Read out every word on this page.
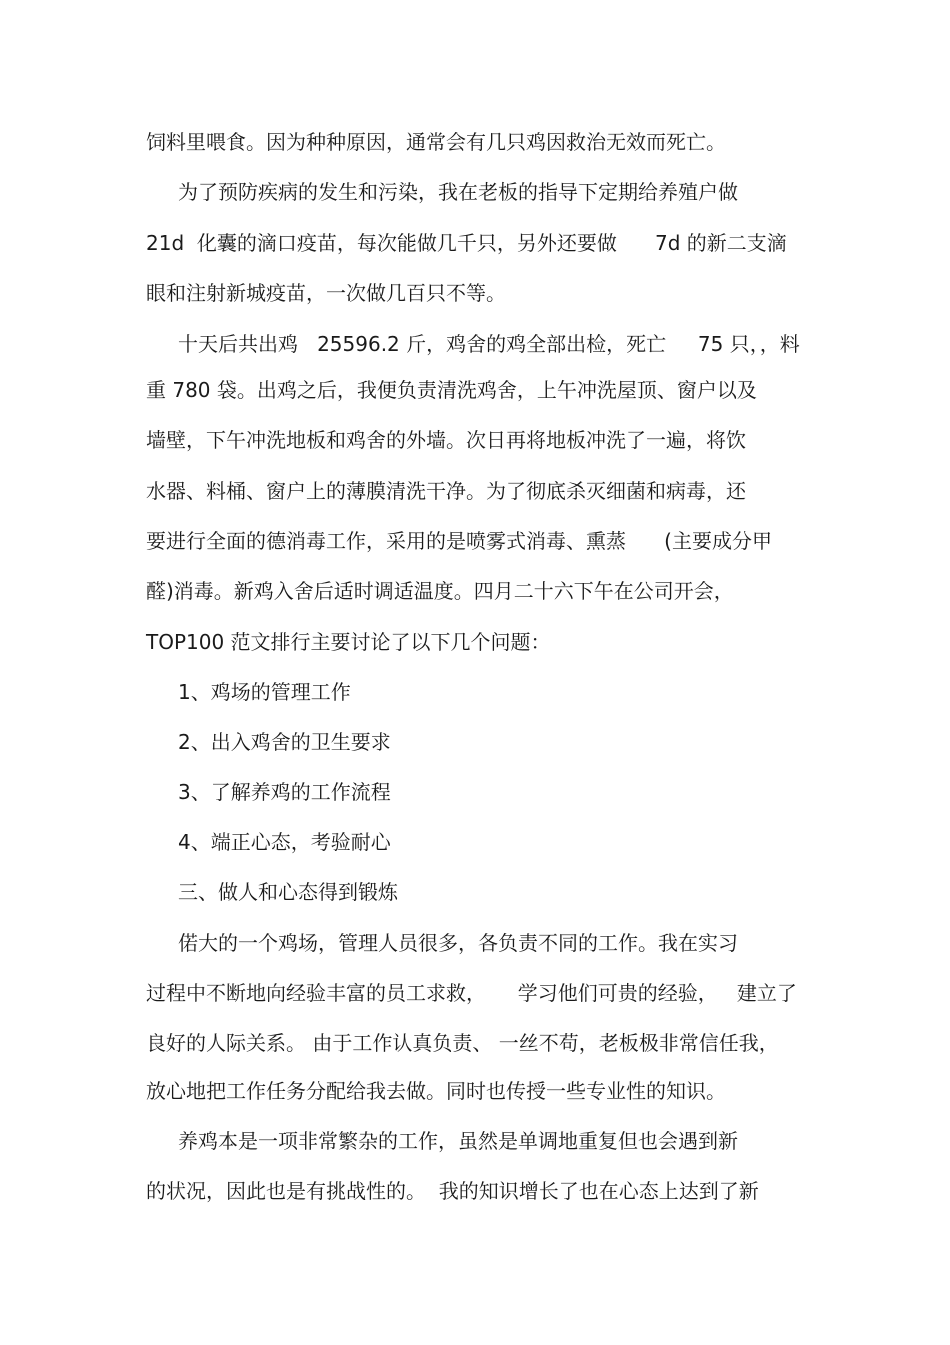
饲料里喂食。因为种种原因，通常会有几只鸡因救治无效而死亡。
为了预防疾病的发生和污染，我在老板的指导下定期给养殖户做
21d  化囊的滴口疫苗，每次能做几千只，另外还要做      7d 的新二支滴
眼和注射新城疫苗，一次做几百只不等。
十天后共出鸡   25596.2 斤，鸡舍的鸡全部出检，死亡     75 只，，料
重 780 袋。出鸡之后，我便负责清洗鸡舍，上午冲洗屋顶、窗户以及
墙壁，下午冲洗地板和鸡舍的外墙。次日再将地板冲洗了一遍，将饮
水器、料桶、窗户上的薄膜清洗干净。为了彻底杀灭细菌和病毒，还
要进行全面的德消毒工作，采用的是喷雾式消毒、熏蒸      (主要成分甲
醛)消毒。新鸡入舍后适时调适温度。四月二十六下午在公司开会，
TOP100 范文排行主要讨论了以下几个问题：
1、鸡场的管理工作
2、出入鸡舍的卫生要求
3、了解养鸡的工作流程
4、端正心态，考验耐心
三、做人和心态得到锻炼
偌大的一个鸡场，管理人员很多，各负责不同的工作。我在实习
过程中不断地向经验丰富的员工求救，     学习他们可贵的经验，   建立了
良好的人际关系。 由于工作认真负责、 一丝不苟，老板极非常信任我，
放心地把工作任务分配给我去做。同时也传授一些专业性的知识。
养鸡本是一项非常繁杂的工作，虽然是单调地重复但也会遇到新
的状况，因此也是有挑战性的。  我的知识增长了也在心态上达到了新
